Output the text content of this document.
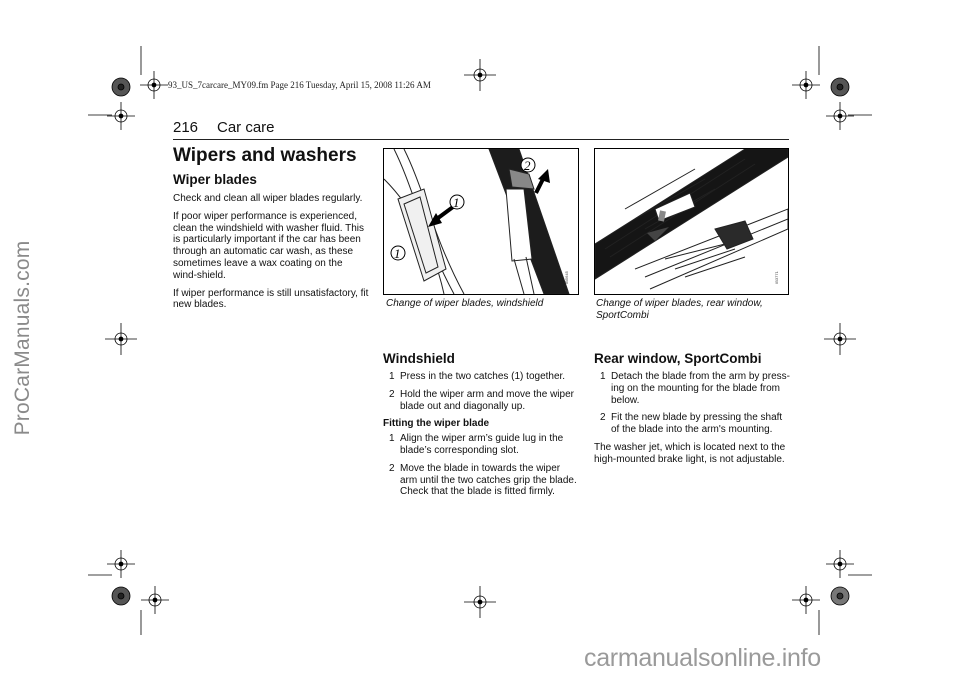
ProCarManuals.com
carmanualsonline.info
93_US_7carcare_MY09.fm Page 216 Tuesday, April 15, 2008 11:26 AM
216 Car care
Wipers and washers
Wiper blades

Check and clean all wiper blades regularly.

If poor wiper performance is experienced, clean the windshield with washer fluid. This is particularly important if the car has been through an automatic car wash, as these sometimes leave a wax coating on the wind-shield.

If wiper performance is still unsatisfactory, fit new blades.

1
1
2
IB5645
Change of wiper blades, windshield
IB3771
Change of wiper blades, rear window, SportCombi
Windshield
1 Press in the two catches (1) together.
2 Hold the wiper arm and move the wiper blade out and diagonally up.
Fitting the wiper blade
1 Align the wiper arm’s guide lug in the blade’s corresponding slot.
2 Move the blade in towards the wiper arm until the two catches grip the blade. Check that the blade is fitted firmly.
Rear window, SportCombi
1 Detach the blade from the arm by press-ing on the mounting for the blade from below.
2 Fit the new blade by pressing the shaft of the blade into the arm's mounting.

The washer jet, which is located next to the high-mounted brake light, is not adjustable.
